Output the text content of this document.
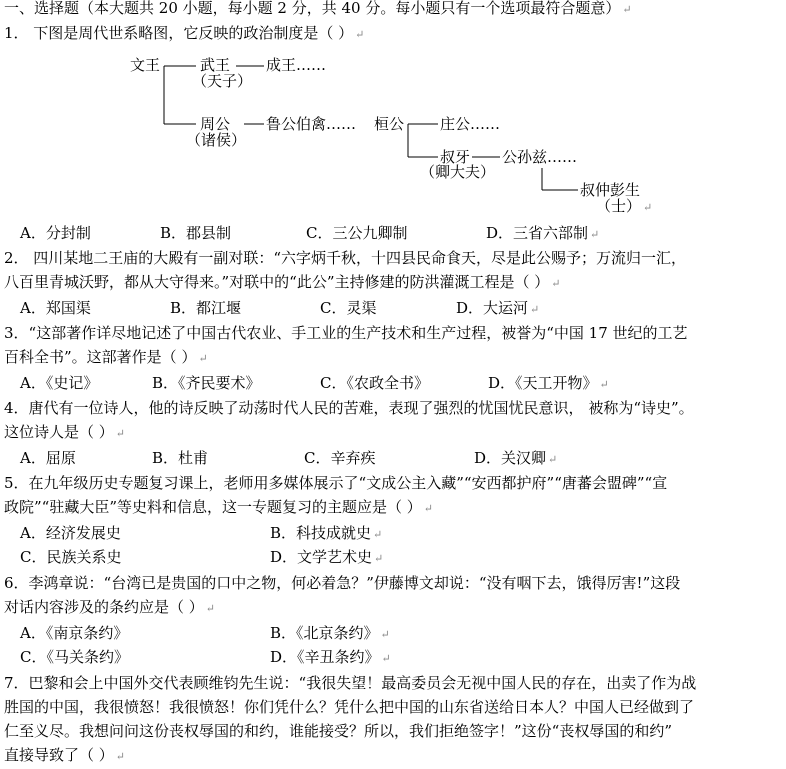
一、选择题（本大题共 20 小题，每小题 2 分，共 40 分。每小题只有一个选项最符合题意） ↵
1． 下图是周代世系略图，它反映的政治制度是（ ） ↵
文王	武王
（天子）
成王……
周公
（诸侯）
鲁公伯禽…… 桓公 庄公……
叔牙
（卿大夫）
公孙兹……
叔仲彭生
（士） ↵
A．分封制	B．郡县制	C．三公九卿制	D．三省六部制 ↵
2． 四川某地二王庙的大殿有一副对联：“六字炳千秋，十四县民命食天，尽是此公赐予；万流归一汇，
八百里青城沃野，都从大守得来。”对联中的“此公”主持修建的防洪灌溉工程是（ ） ↵
A．郑国渠	B．都江堰	C．灵渠	D．大运河 ↵
3．“这部著作详尽地记述了中国古代农业、手工业的生产技术和生产过程，被誉为“中国 17 世纪的工艺
百科全书”。这部著作是（ ） ↵
A．《史记》	B．《齐民要术》	C．《农政全书》	D．《天工开物》 ↵
4．唐代有一位诗人，他的诗反映了动荡时代人民的苦难，表现了强烈的忧国忧民意识， 被称为“诗史”。
这位诗人是（ ） ↵
A．屈原	B．杜甫	C．辛弃疾	D．关汉卿 ↵
5．在九年级历史专题复习课上，老师用多媒体展示了“文成公主入藏”“安西都护府”“唐蕃会盟碑”“宣
政院”“驻藏大臣”等史料和信息，这一专题复习的主题应是（ ） ↵
A．经济发展史	B．科技成就史 ↵
C．民族关系史	D．文学艺术史 ↵
6．李鸿章说：“台湾已是贵国的口中之物，何必着急？”伊藤博文却说：“没有咽下去，饿得厉害!”这段
对话内容涉及的条约应是（ ） ↵
A．《南京条约》	B．《北京条约》 ↵
C．《马关条约》	D．《辛丑条约》 ↵
7．巴黎和会上中国外交代表顾维钧先生说：“我很失望！最高委员会无视中国人民的存在，出卖了作为战
胜国的中国，我很愤怒！我很愤怒！你们凭什么？凭什么把中国的山东省送给日本人？中国人已经做到了
仁至义尽。我想问问这份丧权辱国的和约，谁能接受？所以，我们拒绝签字！”这份“丧权辱国的和约”
直接导致了（ ） ↵
